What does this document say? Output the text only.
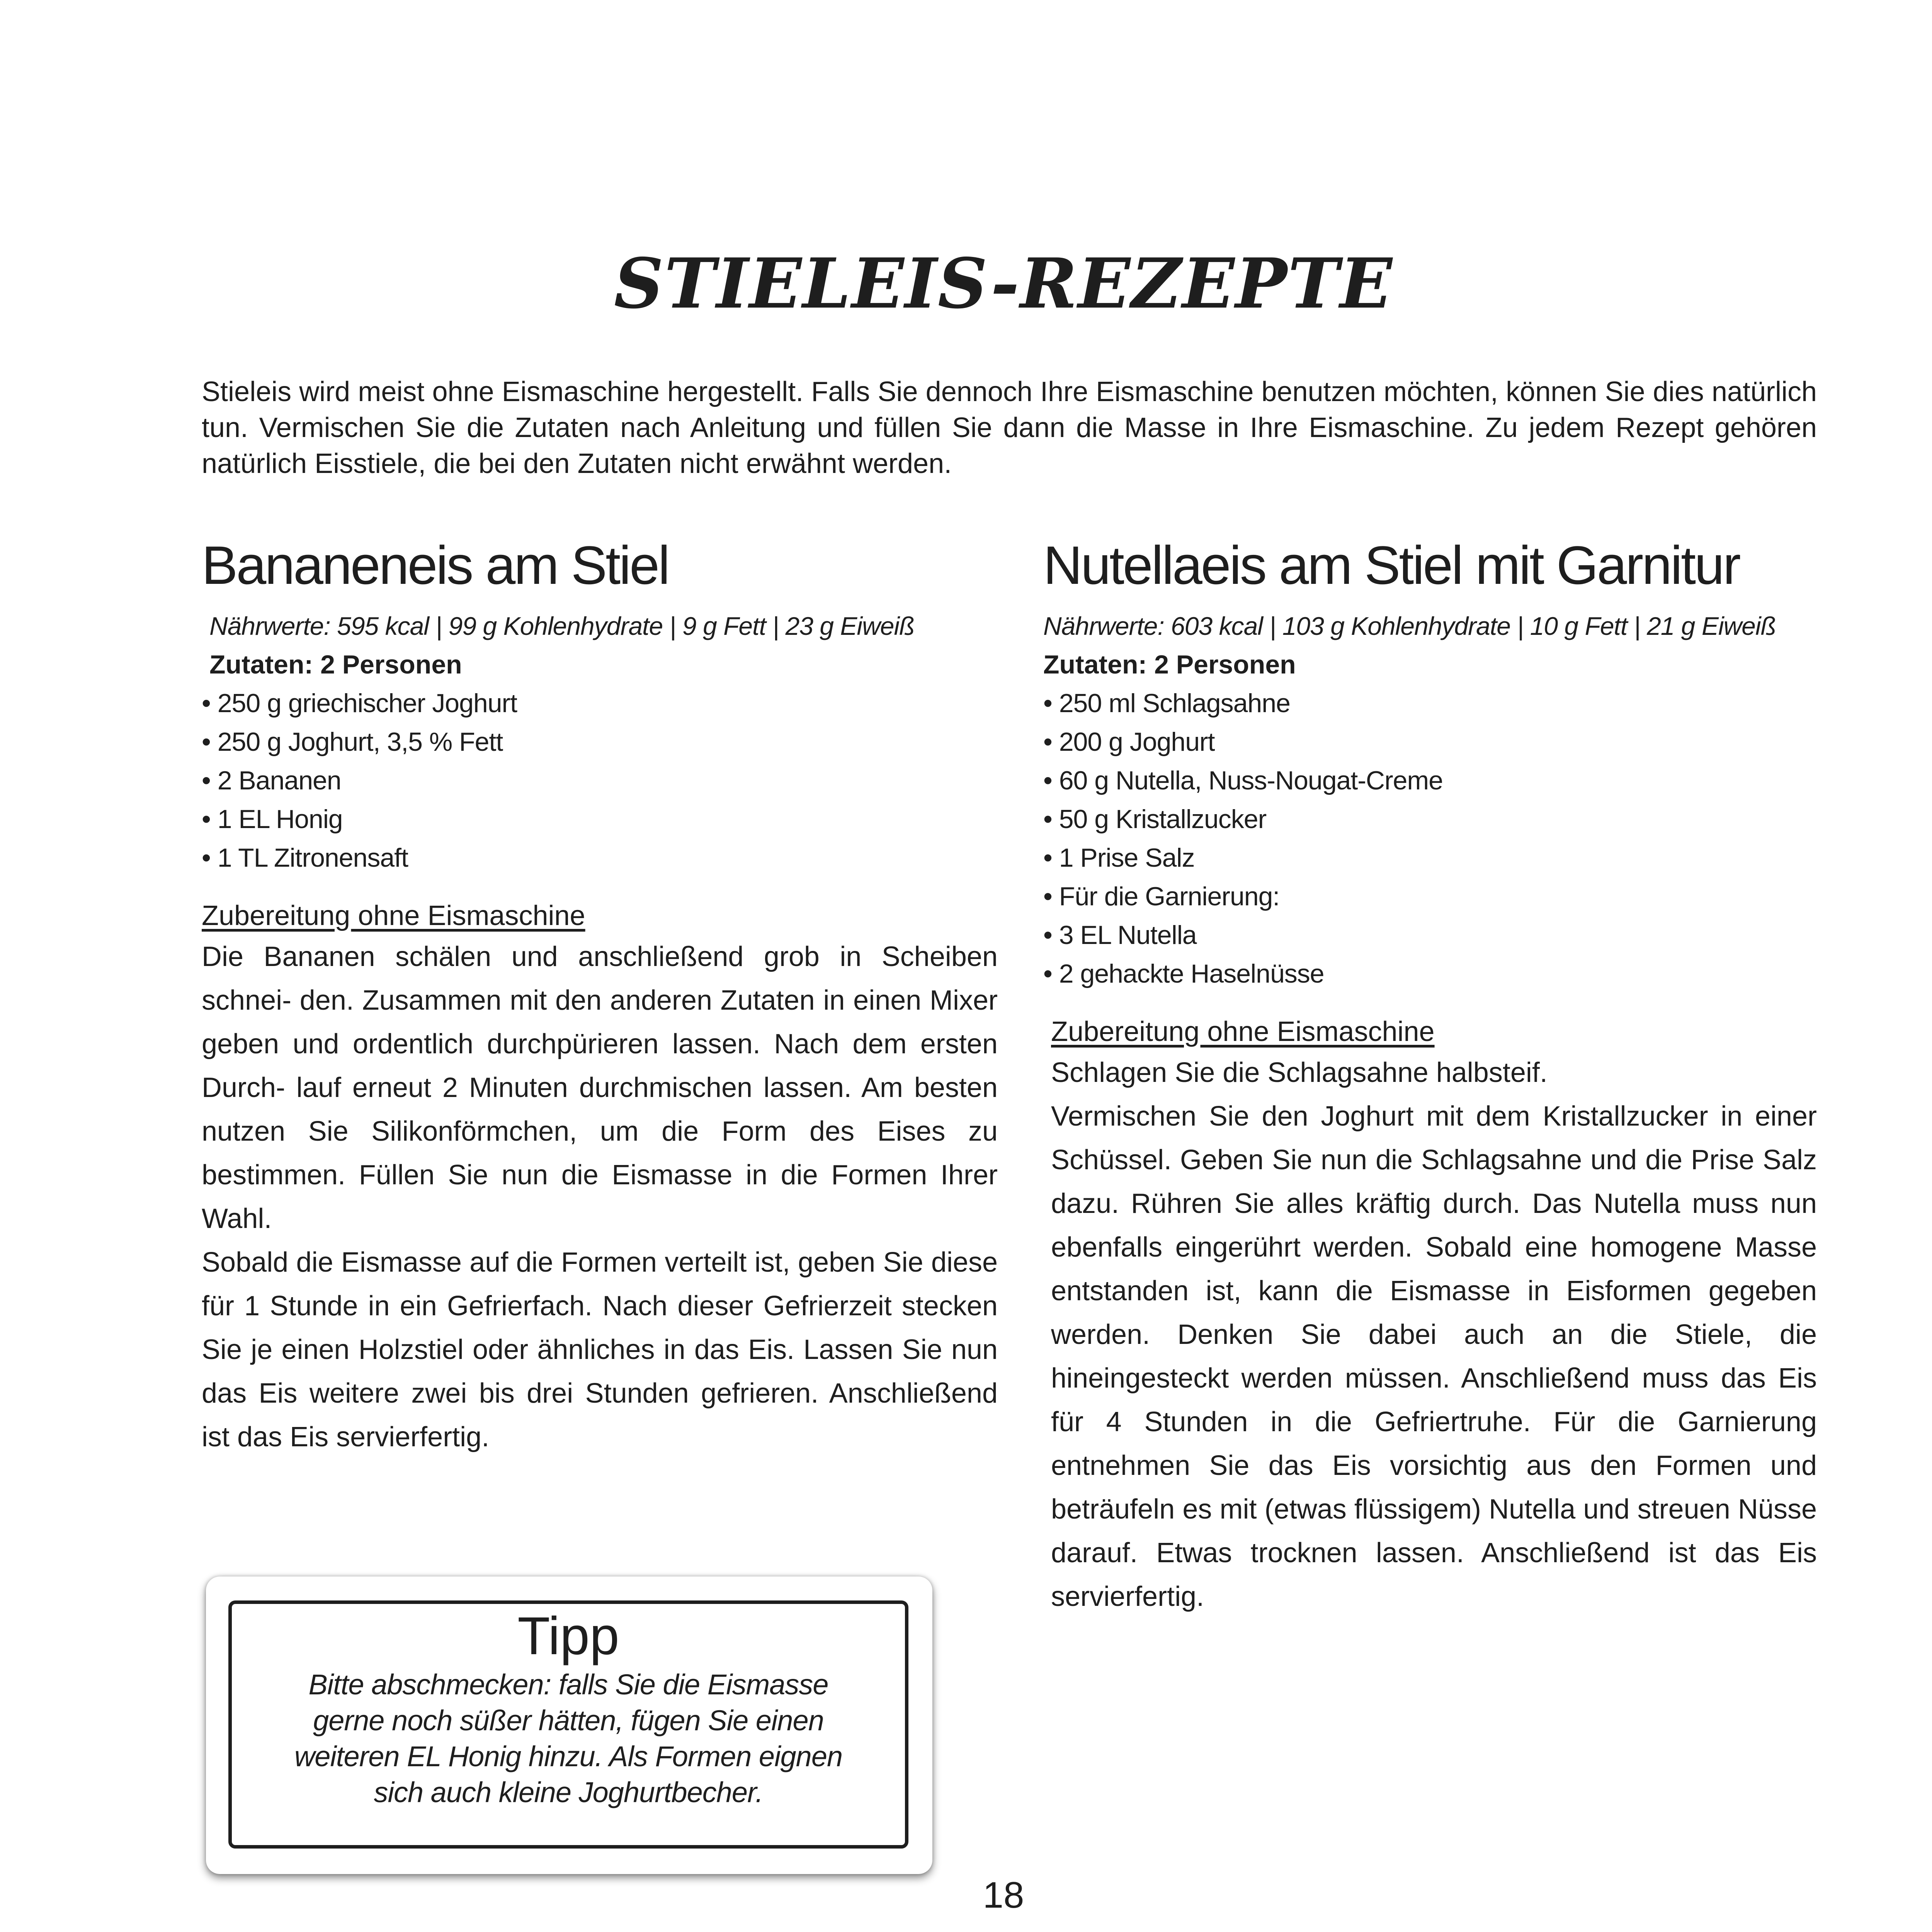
STIELEIS-REZEPTE

Stieleis wird meist ohne Eismaschine hergestellt. Falls Sie dennoch Ihre Eismaschine benutzen möchten, können Sie dies natürlich tun. Vermischen Sie die Zutaten nach Anleitung und füllen Sie dann die Masse in Ihre Eismaschine. Zu jedem Rezept gehören natürlich Eisstiele, die bei den Zutaten nicht erwähnt werden.

Bananeneis am Stiel
Nährwerte: 595 kcal | 99 g Kohlenhydrate | 9 g Fett | 23 g Eiweiß
Zutaten: 2 Personen
• 250 g griechischer Joghurt
• 250 g Joghurt, 3,5 % Fett
• 2 Bananen
• 1 EL Honig
• 1 TL Zitronensaft
Zubereitung ohne Eismaschine

Die Bananen schälen und anschließend grob in Scheiben schnei- den. Zusammen mit den anderen Zutaten in einen Mixer geben und ordentlich durchpürieren lassen. Nach dem ersten Durch- lauf erneut 2 Minuten durchmischen lassen. Am besten nutzen Sie Silikonförmchen, um die Form des Eises zu bestimmen. Füllen Sie nun die Eismasse in die Formen Ihrer Wahl.

Sobald die Eismasse auf die Formen verteilt ist, geben Sie diese für 1 Stunde in ein Gefrierfach. Nach dieser Gefrierzeit stecken Sie je einen Holzstiel oder ähnliches in das Eis. Lassen Sie nun das Eis weitere zwei bis drei Stunden gefrieren. Anschließend ist das Eis servierfertig.

Nutellaeis am Stiel mit Garnitur
Nährwerte: 603 kcal | 103 g Kohlenhydrate | 10 g Fett | 21 g Eiweiß
Zutaten: 2 Personen
• 250 ml Schlagsahne
• 200 g Joghurt
• 60 g Nutella, Nuss-Nougat-Creme
• 50 g Kristallzucker
• 1 Prise Salz
• Für die Garnierung:
• 3 EL Nutella
• 2 gehackte Haselnüsse
Zubereitung ohne Eismaschine

Schlagen Sie die Schlagsahne halbsteif.

Vermischen Sie den Joghurt mit dem Kristallzucker in einer Schüssel. Geben Sie nun die Schlagsahne und die Prise Salz dazu. Rühren Sie alles kräftig durch. Das Nutella muss nun ebenfalls eingerührt werden. Sobald eine homogene Masse entstanden ist, kann die Eismasse in Eisformen gegeben werden. Denken Sie dabei auch an die Stiele, die hineingesteckt werden müssen. Anschließend muss das Eis für 4 Stunden in die Gefriertruhe. Für die Garnierung entnehmen Sie das Eis vorsichtig aus den Formen und beträufeln es mit (etwas flüssigem) Nutella und streuen Nüsse darauf. Etwas trocknen lassen. Anschließend ist das Eis servierfertig.

Tipp
Bitte abschmecken: falls Sie die Eismasse gerne noch süßer hätten, fügen Sie einen weiteren EL Honig hinzu. Als Formen eignen sich auch kleine Joghurtbecher.
18
